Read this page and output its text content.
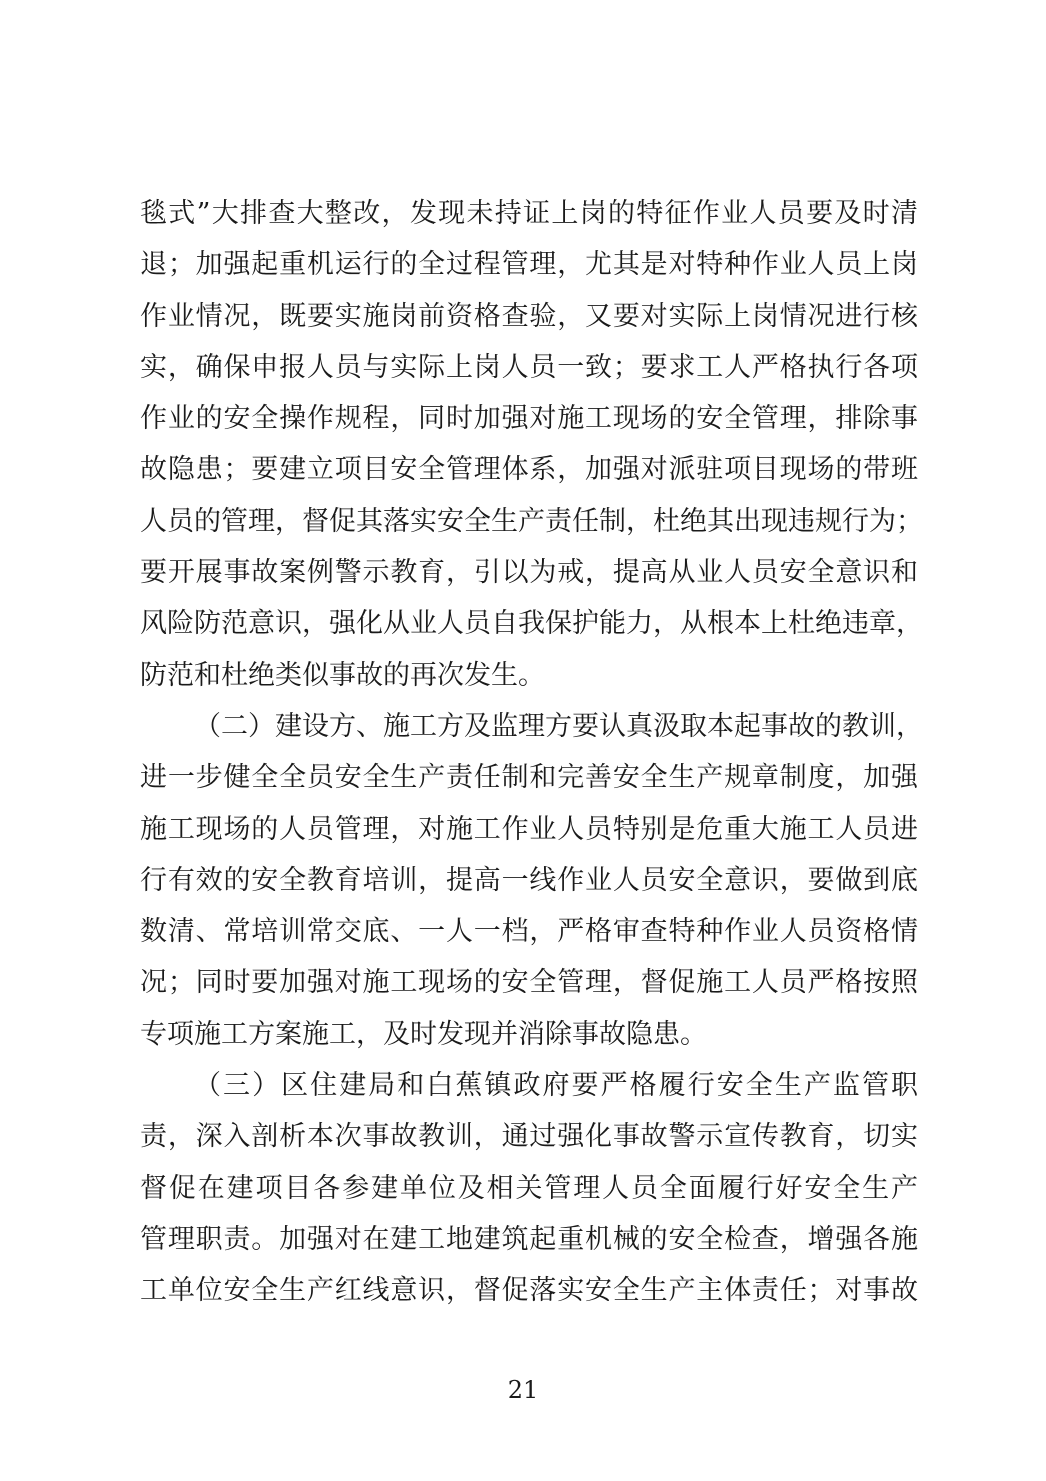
毯式”大排查大整改，发现未持证上岗的特征作业人员要及时清
退；加强起重机运行的全过程管理，尤其是对特种作业人员上岗
作业情况，既要实施岗前资格查验，又要对实际上岗情况进行核
实，确保申报人员与实际上岗人员一致；要求工人严格执行各项
作业的安全操作规程，同时加强对施工现场的安全管理，排除事
故隐患；要建立项目安全管理体系，加强对派驻项目现场的带班
人员的管理，督促其落实安全生产责任制，杜绝其出现违规行为；
要开展事故案例警示教育，引以为戒，提高从业人员安全意识和
风险防范意识，强化从业人员自我保护能力，从根本上杜绝违章，
防范和杜绝类似事故的再次发生。
（二）建设方、施工方及监理方要认真汲取本起事故的教训，
进一步健全全员安全生产责任制和完善安全生产规章制度，加强
施工现场的人员管理，对施工作业人员特别是危重大施工人员进
行有效的安全教育培训，提高一线作业人员安全意识，要做到底
数清、常培训常交底、一人一档，严格审查特种作业人员资格情
况；同时要加强对施工现场的安全管理，督促施工人员严格按照
专项施工方案施工，及时发现并消除事故隐患。
（三）区住建局和白蕉镇政府要严格履行安全生产监管职
责，深入剖析本次事故教训，通过强化事故警示宣传教育，切实
督促在建项目各参建单位及相关管理人员全面履行好安全生产
管理职责。加强对在建工地建筑起重机械的安全检查，增强各施
工单位安全生产红线意识，督促落实安全生产主体责任；对事故
21
